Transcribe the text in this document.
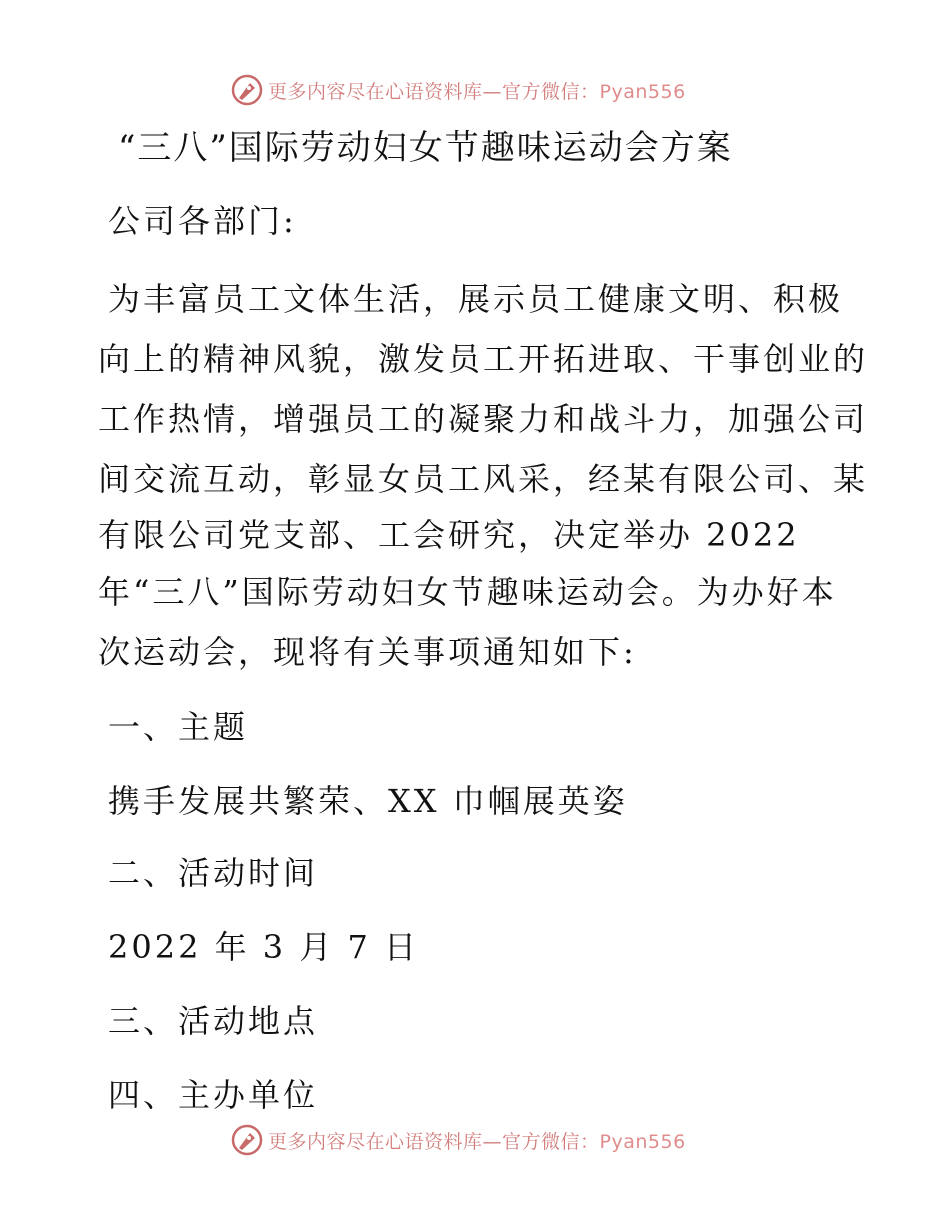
更多内容尽在心语资料库—官方微信：Pyan556
“三八”国际劳动妇女节趣味运动会方案
公司各部门:
为丰富员工文体生活，展示员工健康文明、积极
向上的精神风貌，激发员工开拓进取、干事创业的
工作热情，增强员工的凝聚力和战斗力，加强公司
间交流互动，彰显女员工风采，经某有限公司、某
有限公司党支部、工会研究，决定举办 2022
年“三八”国际劳动妇女节趣味运动会。为办好本
次运动会，现将有关事项通知如下:
一、主题
携手发展共繁荣、XX 巾帼展英姿
二、活动时间
2022 年 3 月 7 日
三、活动地点
四、主办单位
更多内容尽在心语资料库—官方微信：Pyan556
